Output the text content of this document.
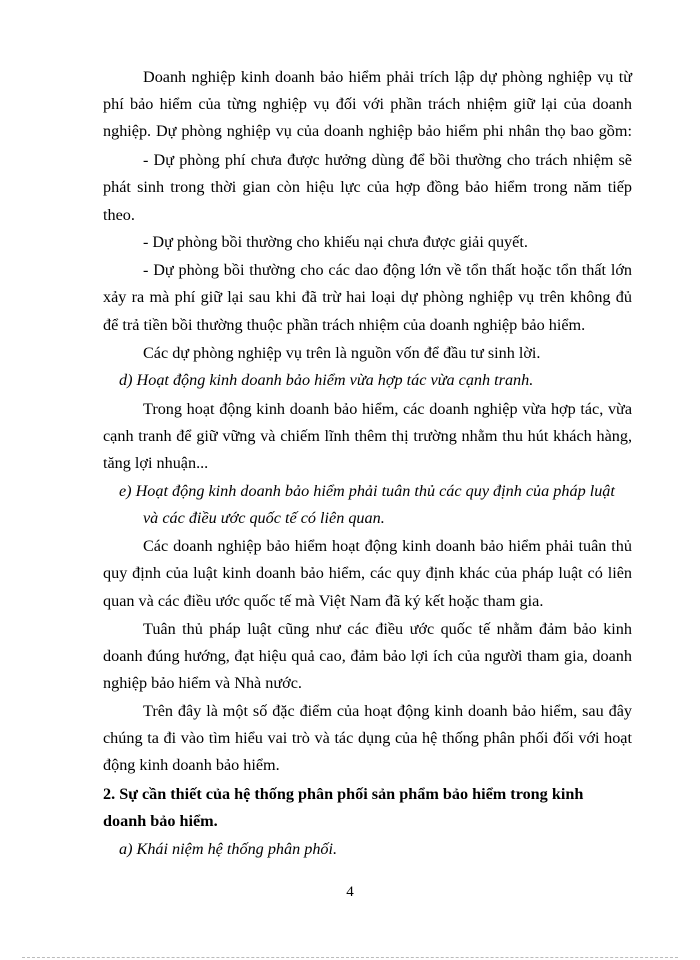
Doanh nghiệp kinh doanh bảo hiểm phải trích lập dự phòng nghiệp vụ từ
phí bảo hiểm của từng nghiệp vụ đối với phần trách nhiệm giữ lại của doanh
nghiệp. Dự phòng nghiệp vụ của doanh nghiệp bảo hiểm phi nhân thọ bao gồm:
- Dự phòng phí chưa được hưởng dùng để bồi thường cho trách nhiệm sẽ
phát sinh trong thời gian còn hiệu lực của hợp đồng bảo hiểm trong năm tiếp
theo.
- Dự phòng bồi thường cho khiếu nại chưa được giải quyết.
- Dự phòng bồi thường cho các dao động lớn về tổn thất hoặc tổn thất lớn
xảy ra mà phí giữ lại sau khi đã trừ hai loại dự phòng nghiệp vụ trên không đủ
để trả tiền bồi thường thuộc phần trách nhiệm của doanh nghiệp bảo hiểm.
Các dự phòng nghiệp vụ trên là nguồn vốn để đầu tư sinh lời.
d) Hoạt động kinh doanh bảo hiểm vừa hợp tác vừa cạnh tranh.
Trong hoạt động kinh doanh bảo hiểm, các doanh nghiệp vừa hợp tác, vừa
cạnh tranh để giữ vững và chiếm lĩnh thêm thị trường nhằm thu hút khách hàng,
tăng lợi nhuận...
e) Hoạt động kinh doanh bảo hiểm phải tuân thủ các quy định của pháp luật
và các điều ước quốc tế có liên quan.
Các doanh nghiệp bảo hiểm hoạt động kinh doanh bảo hiểm phải tuân thủ
quy định của luật kinh doanh bảo hiểm, các quy định khác của pháp luật có liên
quan và các điều ước quốc tế mà Việt Nam đã ký kết hoặc tham gia.
Tuân thủ pháp luật cũng như các điều ước quốc tế nhằm đảm bảo kinh
doanh đúng hướng, đạt hiệu quả cao, đảm bảo lợi ích của người tham gia, doanh
nghiệp bảo hiểm và Nhà nước.
Trên đây là một số đặc điểm của hoạt động kinh doanh bảo hiểm, sau đây
chúng ta đi vào tìm hiểu vai trò và tác dụng của hệ thống phân phối đối với hoạt
động kinh doanh bảo hiểm.
2. Sự cần thiết của hệ thống phân phối sản phẩm bảo hiểm trong kinh
doanh bảo hiểm.
a) Khái niệm hệ thống phân phối.
4
